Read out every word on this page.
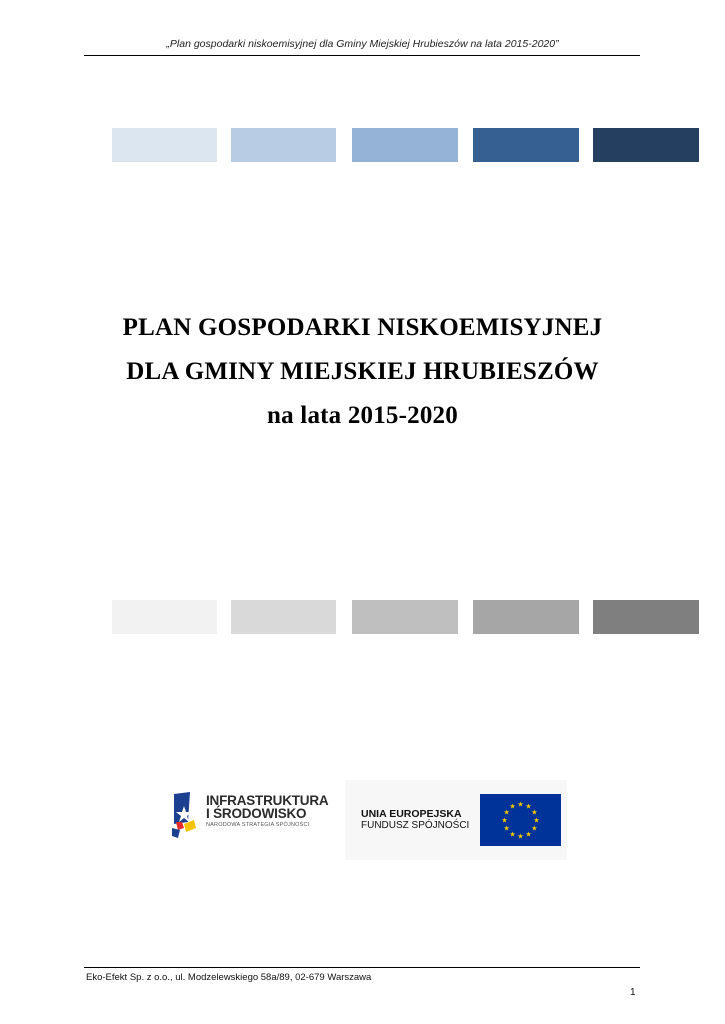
„Plan gospodarki niskoemisyjnej dla Gminy Miejskiej Hrubieszów na lata 2015-2020”
PLAN GOSPODARKI NISKOEMISYJNEJ
DLA GMINY MIEJSKIEJ HRUBIESZÓW
na lata 2015-2020
INFRASTRUKTURA
I ŚRODOWISKO
NARODOWA STRATEGIA SPÓJNOŚCI
UNIA EUROPEJSKA
FUNDUSZ SPÓJNOŚCI
★ ★
★
★
★
★
★
★
★
★
★
★
Eko-Efekt Sp. z o.o., ul. Modzelewskiego 58a/89, 02-679 Warszawa
1
